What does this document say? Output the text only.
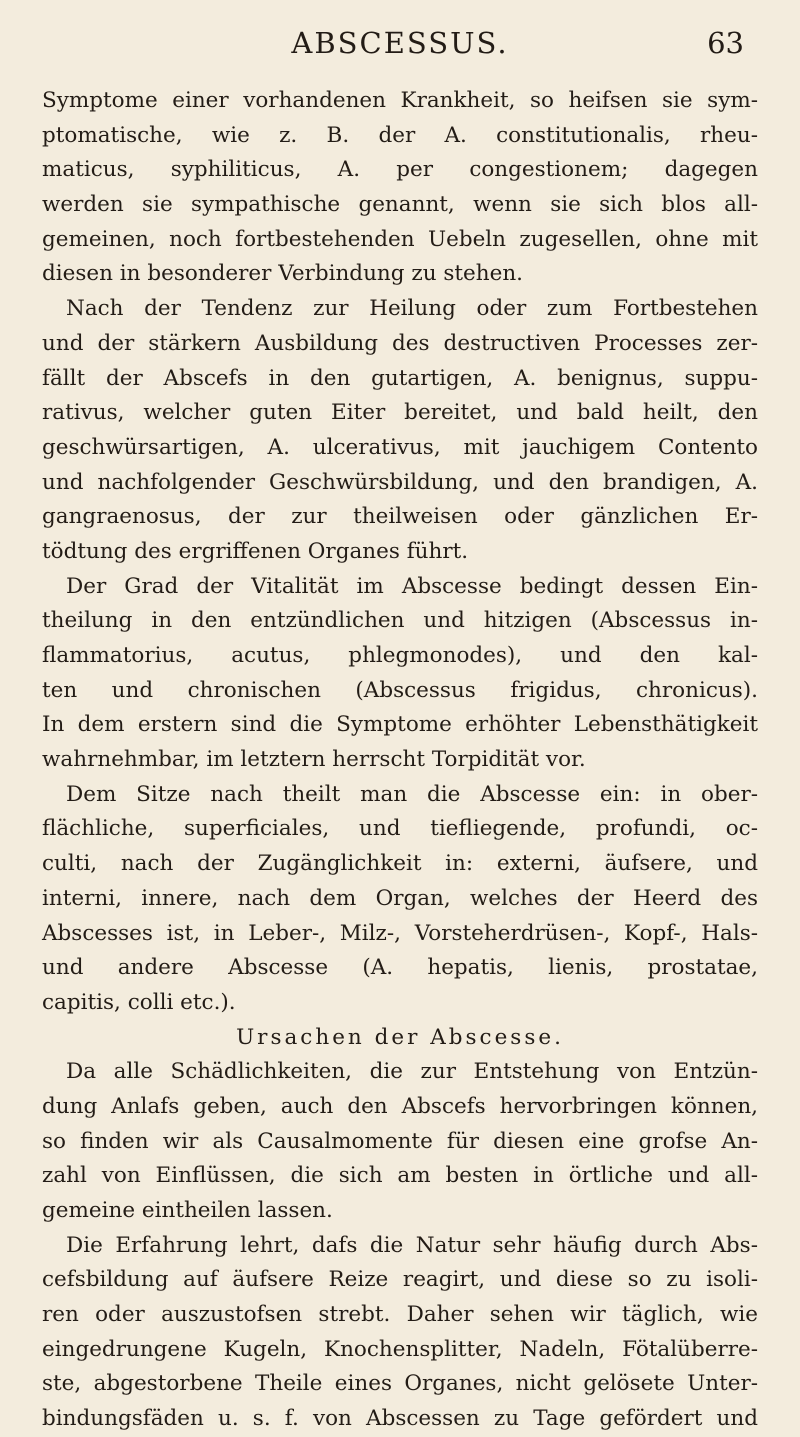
ABSCESSUS.	63
Symptome einer vorhandenen Krankheit, so heifsen sie sym-
ptomatische, wie z. B. der A. constitutionalis, rheu-
maticus, syphiliticus, A. per congestionem; dagegen
werden sie sympathische genannt, wenn sie sich blos all-
gemeinen, noch fortbestehenden Uebeln zugesellen, ohne mit
diesen in besonderer Verbindung zu stehen.
Nach der Tendenz zur Heilung oder zum Fortbestehen
und der stärkern Ausbildung des destructiven Processes zer-
fällt der Abscefs in den gutartigen, A. benignus, suppu-
rativus, welcher guten Eiter bereitet, und bald heilt, den
geschwürsartigen, A. ulcerativus, mit jauchigem Contento
und nachfolgender Geschwürsbildung, und den brandigen, A.
gangraenosus, der zur theilweisen oder gänzlichen Er-
tödtung des ergriffenen Organes führt.
Der Grad der Vitalität im Abscesse bedingt dessen Ein-
theilung in den entzündlichen und hitzigen (Abscessus in-
flammatorius, acutus, phlegmonodes), und den kal-
ten und chronischen (Abscessus frigidus, chronicus).
In dem erstern sind die Symptome erhöhter Lebensthätigkeit
wahrnehmbar, im letztern herrscht Torpidität vor.
Dem Sitze nach theilt man die Abscesse ein: in ober-
flächliche, superficiales, und tiefliegende, profundi, oc-
culti, nach der Zugänglichkeit in: externi, äufsere, und
interni, innere, nach dem Organ, welches der Heerd des
Abscesses ist, in Leber-, Milz-, Vorsteherdrüsen-, Kopf-, Hals-
und andere Abscesse (A. hepatis, lienis, prostatae,
capitis, colli etc.).
Ursachen der Abscesse.
Da alle Schädlichkeiten, die zur Entstehung von Entzün-
dung Anlafs geben, auch den Abscefs hervorbringen können,
so finden wir als Causalmomente für diesen eine grofse An-
zahl von Einflüssen, die sich am besten in örtliche und all-
gemeine eintheilen lassen.
Die Erfahrung lehrt, dafs die Natur sehr häufig durch Abs-
cefsbildung auf äufsere Reize reagirt, und diese so zu isoli-
ren oder auszustofsen strebt. Daher sehen wir täglich, wie
eingedrungene Kugeln, Knochensplitter, Nadeln, Fötalüberre-
ste, abgestorbene Theile eines Organes, nicht gelösete Unter-
bindungsfäden u. s. f. von Abscessen zu Tage gefördert und
